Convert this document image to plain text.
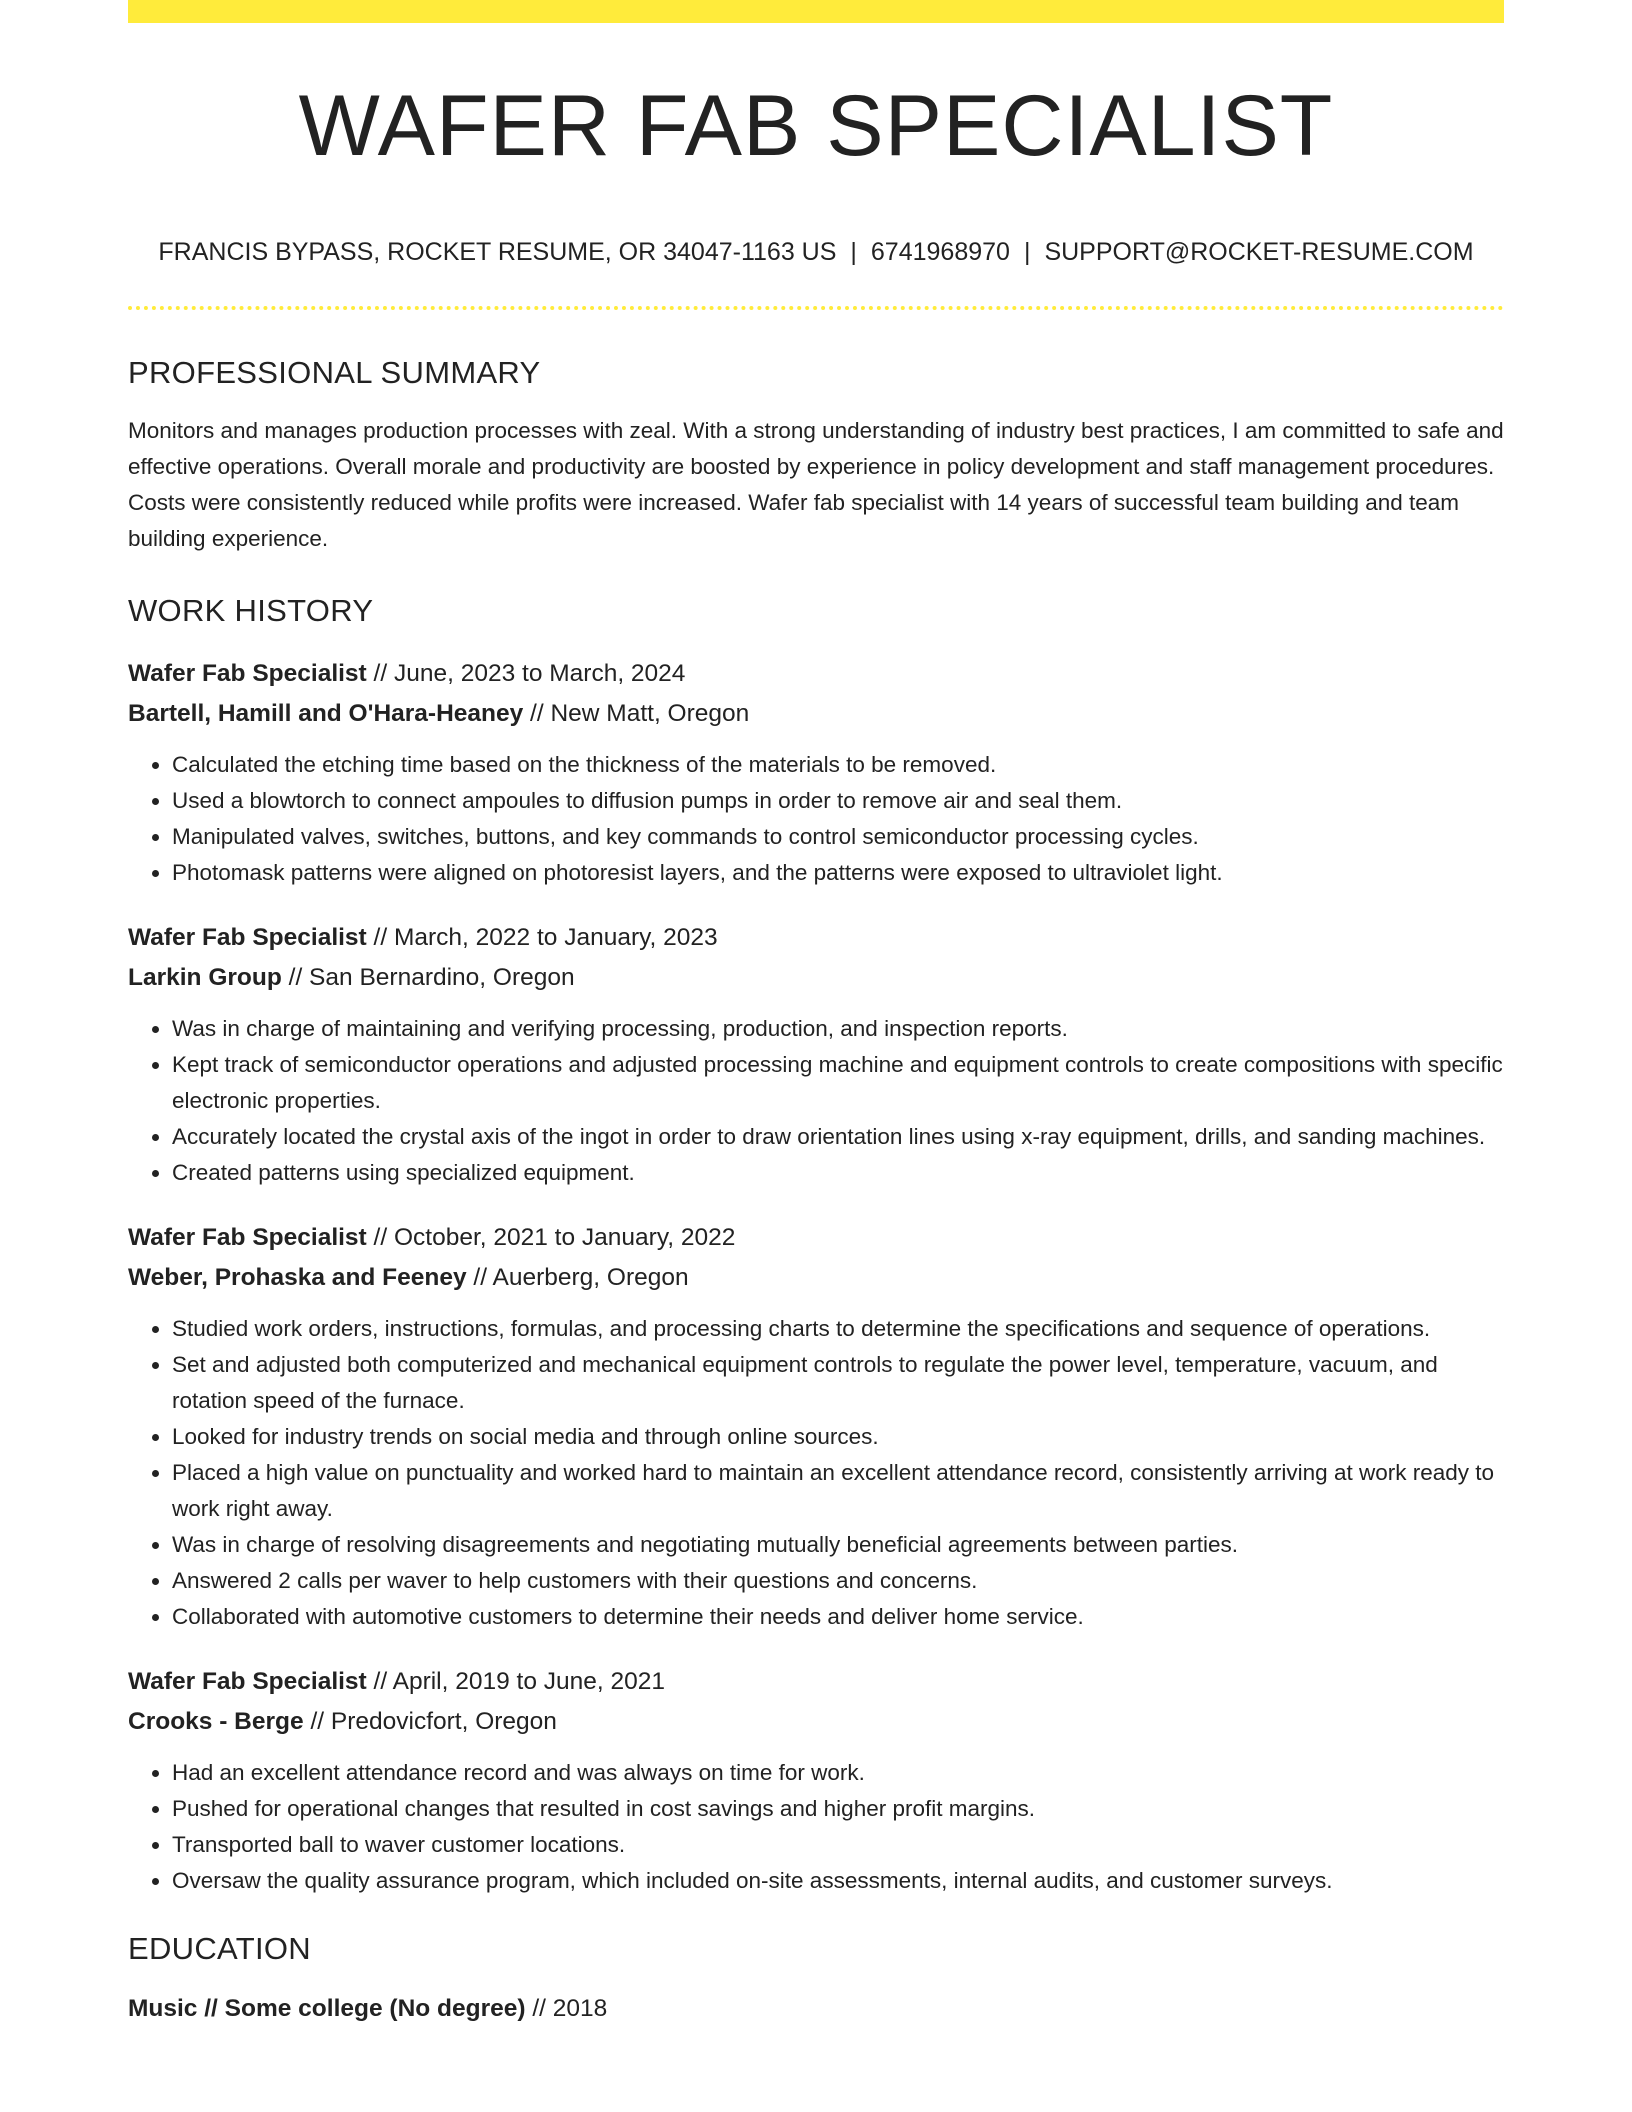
WAFER FAB SPECIALIST
FRANCIS BYPASS, ROCKET RESUME, OR 34047-1163 US | 6741968970 | SUPPORT@ROCKET-RESUME.COM
PROFESSIONAL SUMMARY

Monitors and manages production processes with zeal. With a strong understanding of industry best practices, I am committed to safe and effective operations. Overall morale and productivity are boosted by experience in policy development and staff management procedures. Costs were consistently reduced while profits were increased. Wafer fab specialist with 14 years of successful team building and team building experience.

WORK HISTORY
Wafer Fab Specialist // June, 2023 to March, 2024
Bartell, Hamill and O'Hara-Heaney // New Matt, Oregon
• Calculated the etching time based on the thickness of the materials to be removed.
• Used a blowtorch to connect ampoules to diffusion pumps in order to remove air and seal them.
• Manipulated valves, switches, buttons, and key commands to control semiconductor processing cycles.
• Photomask patterns were aligned on photoresist layers, and the patterns were exposed to ultraviolet light.
Wafer Fab Specialist // March, 2022 to January, 2023
Larkin Group // San Bernardino, Oregon
• Was in charge of maintaining and verifying processing, production, and inspection reports.
• Kept track of semiconductor operations and adjusted processing machine and equipment controls to create compositions with specific electronic properties.
• Accurately located the crystal axis of the ingot in order to draw orientation lines using x-ray equipment, drills, and sanding machines.
• Created patterns using specialized equipment.
Wafer Fab Specialist // October, 2021 to January, 2022
Weber, Prohaska and Feeney // Auerberg, Oregon
• Studied work orders, instructions, formulas, and processing charts to determine the specifications and sequence of operations.
• Set and adjusted both computerized and mechanical equipment controls to regulate the power level, temperature, vacuum, and rotation speed of the furnace.
• Looked for industry trends on social media and through online sources.
• Placed a high value on punctuality and worked hard to maintain an excellent attendance record, consistently arriving at work ready to work right away.
• Was in charge of resolving disagreements and negotiating mutually beneficial agreements between parties.
• Answered 2 calls per waver to help customers with their questions and concerns.
• Collaborated with automotive customers to determine their needs and deliver home service.
Wafer Fab Specialist // April, 2019 to June, 2021
Crooks - Berge // Predovicfort, Oregon
• Had an excellent attendance record and was always on time for work.
• Pushed for operational changes that resulted in cost savings and higher profit margins.
• Transported ball to waver customer locations.
• Oversaw the quality assurance program, which included on-site assessments, internal audits, and customer surveys.
EDUCATION
Music // Some college (No degree) // 2018
